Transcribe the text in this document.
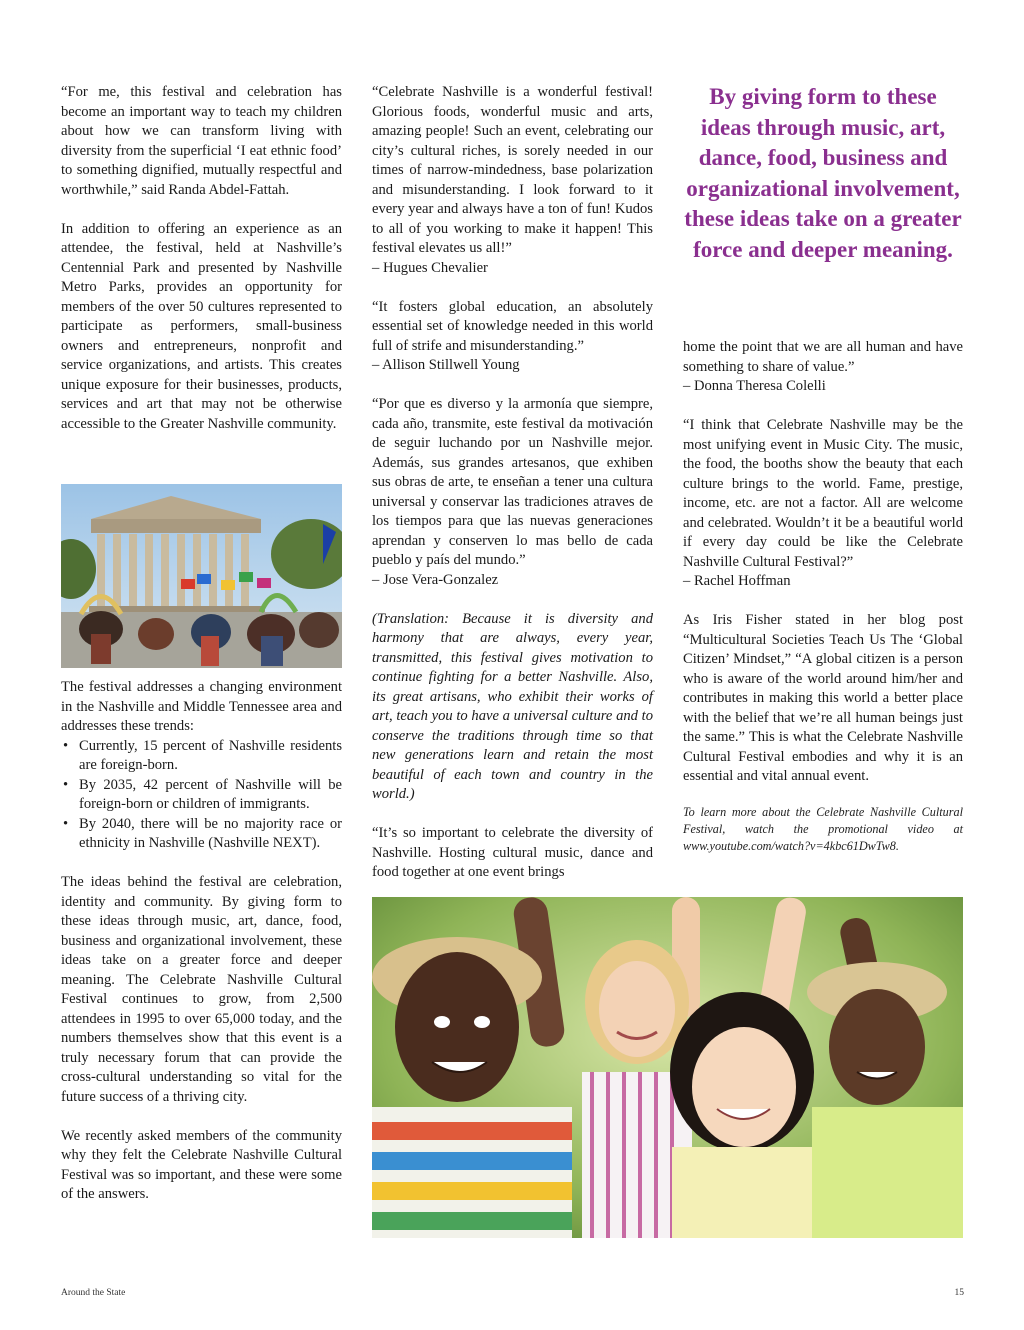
“For me, this festival and celebration has become an important way to teach my children about how we can transform living with diversity from the superficial ‘I eat ethnic food’ to something dignified, mutually respectful and worthwhile,” said Randa Abdel-Fattah.

In addition to offering an experience as an attendee, the festival, held at Nashville’s Centennial Park and presented by Nashville Metro Parks, provides an opportunity for members of the over 50 cultures represented to participate as performers, small-business owners and entrepreneurs, nonprofit and service organizations, and artists. This creates unique exposure for their businesses, products, services and art that may not be otherwise accessible to the Greater Nashville community.

The festival addresses a changing environment in the Nashville and Middle Tennessee area and addresses these trends:

• Currently, 15 percent of Nashville residents are foreign-born.
• By 2035, 42 percent of Nashville will be foreign-born or children of immigrants.
• By 2040, there will be no majority race or ethnicity in Nashville (Nashville NEXT).

The ideas behind the festival are celebration, identity and community. By giving form to these ideas through music, art, dance, food, business and organizational involvement, these ideas take on a greater force and deeper meaning. The Celebrate Nashville Cultural Festival continues to grow, from 2,500 attendees in 1995 to over 65,000 today, and the numbers themselves show that this event is a truly necessary forum that can provide the cross-cultural understanding so vital for the future success of a thriving city.

We recently asked members of the community why they felt the Celebrate Nashville Cultural Festival was so important, and these were some of the answers.

“Celebrate Nashville is a wonderful festival! Glorious foods, wonderful music and arts, amazing people! Such an event, celebrating our city’s cultural riches, is sorely needed in our times of narrow-mindedness, base polarization and misunderstanding. I look forward to it every year and always have a ton of fun! Kudos to all of you working to make it happen! This festival elevates us all!”
– Hugues Chevalier

“It fosters global education, an absolutely essential set of knowledge needed in this world full of strife and misunderstanding.”
– Allison Stillwell Young

“Por que es diverso y la armonía que siempre, cada año, transmite, este festival da motivación de seguir luchando por un Nashville mejor. Además, sus grandes artesanos, que exhiben sus obras de arte, te enseñan a tener una cultura universal y conservar las tradiciones atraves de los tiempos para que las nuevas generaciones aprendan y conserven lo mas bello de cada pueblo y país del mundo.”
– Jose Vera-Gonzalez

(Translation: Because it is diversity and harmony that are always, every year, transmitted, this festival gives motivation to continue fighting for a better Nashville. Also, its great artisans, who exhibit their works of art, teach you to have a universal culture and to conserve the traditions through time so that new generations learn and retain the most beautiful of each town and country in the world.)

“It’s so important to celebrate the diversity of Nashville. Hosting cultural music, dance and food together at one event brings

By giving form to these ideas through music, art, dance, food, business and organizational involvement, these ideas take on a greater force and deeper meaning.

home the point that we are all human and have something to share of value.”
– Donna Theresa Colelli

“I think that Celebrate Nashville may be the most unifying event in Music City. The music, the food, the booths show the beauty that each culture brings to the world. Fame, prestige, income, etc. are not a factor. All are welcome and celebrated. Wouldn’t it be a beautiful world if every day could be like the Celebrate Nashville Cultural Festival?”
– Rachel Hoffman

As Iris Fisher stated in her blog post “Multicultural Societies Teach Us The ‘Global Citizen’ Mindset,” “A global citizen is a person who is aware of the world around him/her and contributes in making this world a better place with the belief that we’re all human beings just the same.” This is what the Celebrate Nashville Cultural Festival embodies and why it is an essential and vital annual event.

To learn more about the Celebrate Nashville Cultural Festival, watch the promotional video at www.youtube.com/watch?v=4kbc61DwTw8.
Around the State	15
